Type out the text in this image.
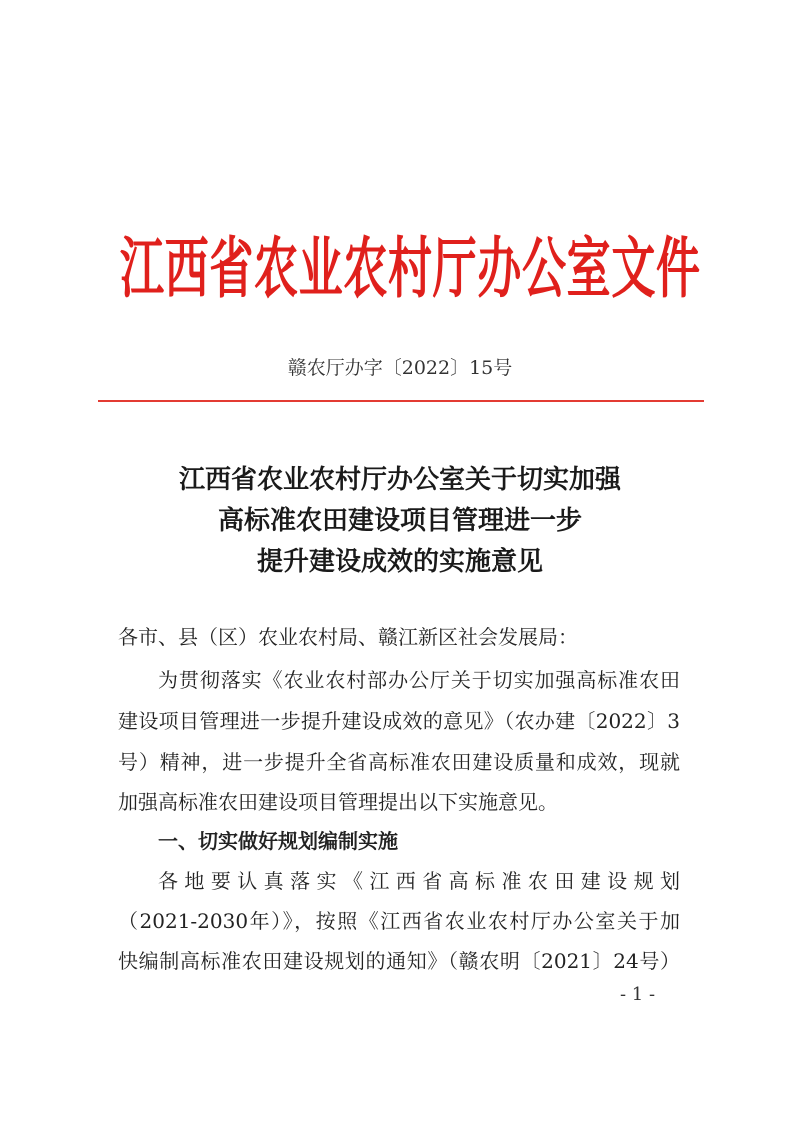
江西省农业农村厅办公室文件
赣农厅办字〔2022〕15号
江西省农业农村厅办公室关于切实加强
高标准农田建设项目管理进一步
提升建设成效的实施意见
各市、县（区）农业农村局、赣江新区社会发展局：
为贯彻落实《农业农村部办公厅关于切实加强高标准农田
建设项目管理进一步提升建设成效的意见》（农办建〔2022〕3
号）精神，进一步提升全省高标准农田建设质量和成效，现就
加强高标准农田建设项目管理提出以下实施意见。
一、切实做好规划编制实施
各地要认真落实《江西省高标准农田建设规划
（2021-2030年）》，按照《江西省农业农村厅办公室关于加
快编制高标准农田建设规划的通知》（赣农明〔2021〕24号）
- 1 -
